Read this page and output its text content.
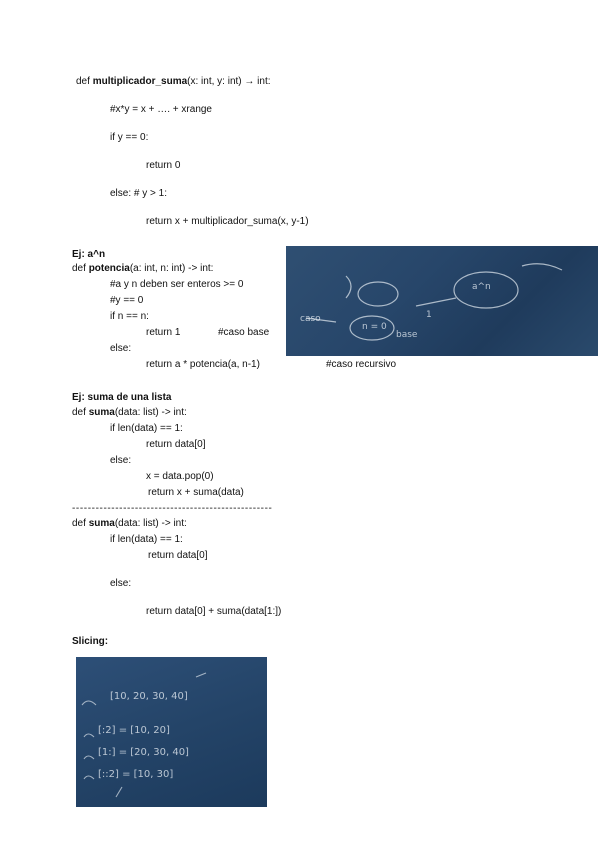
def multiplicador_suma(x: int, y: int) → int:
#x*y = x + …. + xrange
if y == 0:
return 0
else: # y > 1:
return x + multiplicador_suma(x, y-1)
Ej: a^n
def potencia(a: int, n: int) -> int:
#a y n deben ser enteros >= 0
#y == 0
if n == n:
return 1	#caso base
else:
return a * potencia(a, n-1)	#caso recursivo
a^n
caso
base
n = 0
1
Ej: suma de una lista
def suma(data: list) -> int:
if len(data) == 1:
return data[0]
else:
x = data.pop(0)
return x + suma(data)
---------------------------------------------------
def suma(data: list) -> int:
if len(data) == 1:
return data[0]
else:
return data[0] + suma(data[1:])
Slicing:
[10, 20, 30, 40]
[:2] = [10, 20]
[1:] = [20, 30, 40]
[::2] = [10, 30]
